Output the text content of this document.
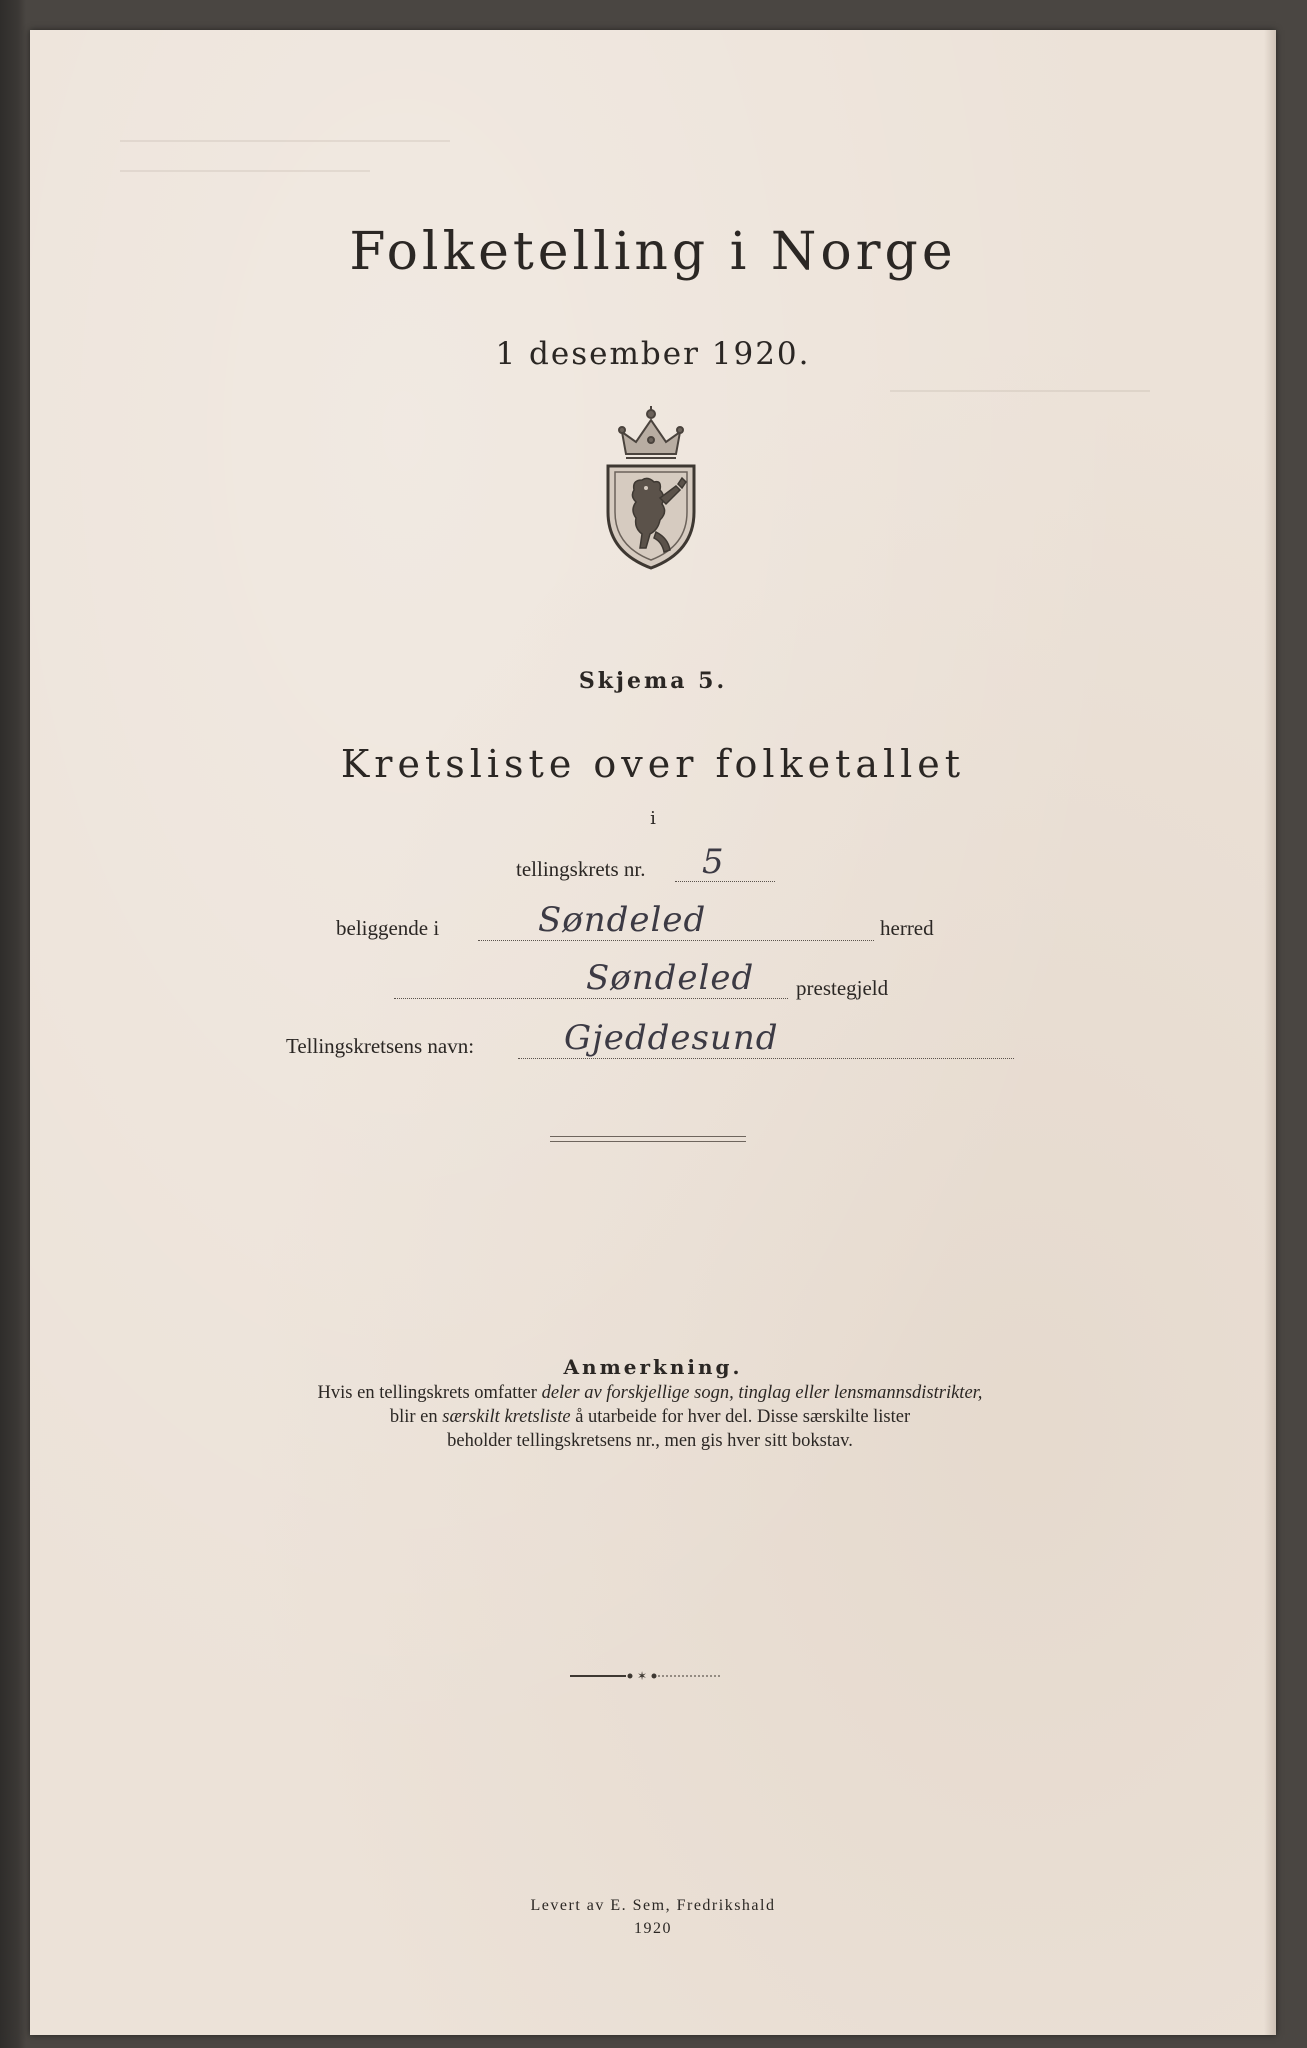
Folketelling i Norge
1 desember 1920.
Skjema 5.
Kretsliste over folketallet
i
tellingskrets nr. 5
beliggende i	Søndeled	herred
Søndeled prestegjeld
Tellingskretsens navn:	Gjeddesund
Anmerkning.
Hvis en tellingskrets omfatter deler av forskjellige sogn, tinglag eller lensmannsdistrikter,
blir en særskilt kretsliste å utarbeide for hver del. Disse særskilte lister
beholder tellingskretsens nr., men gis hver sitt bokstav.
✶
Levert av E. Sem, Fredrikshald
1920
